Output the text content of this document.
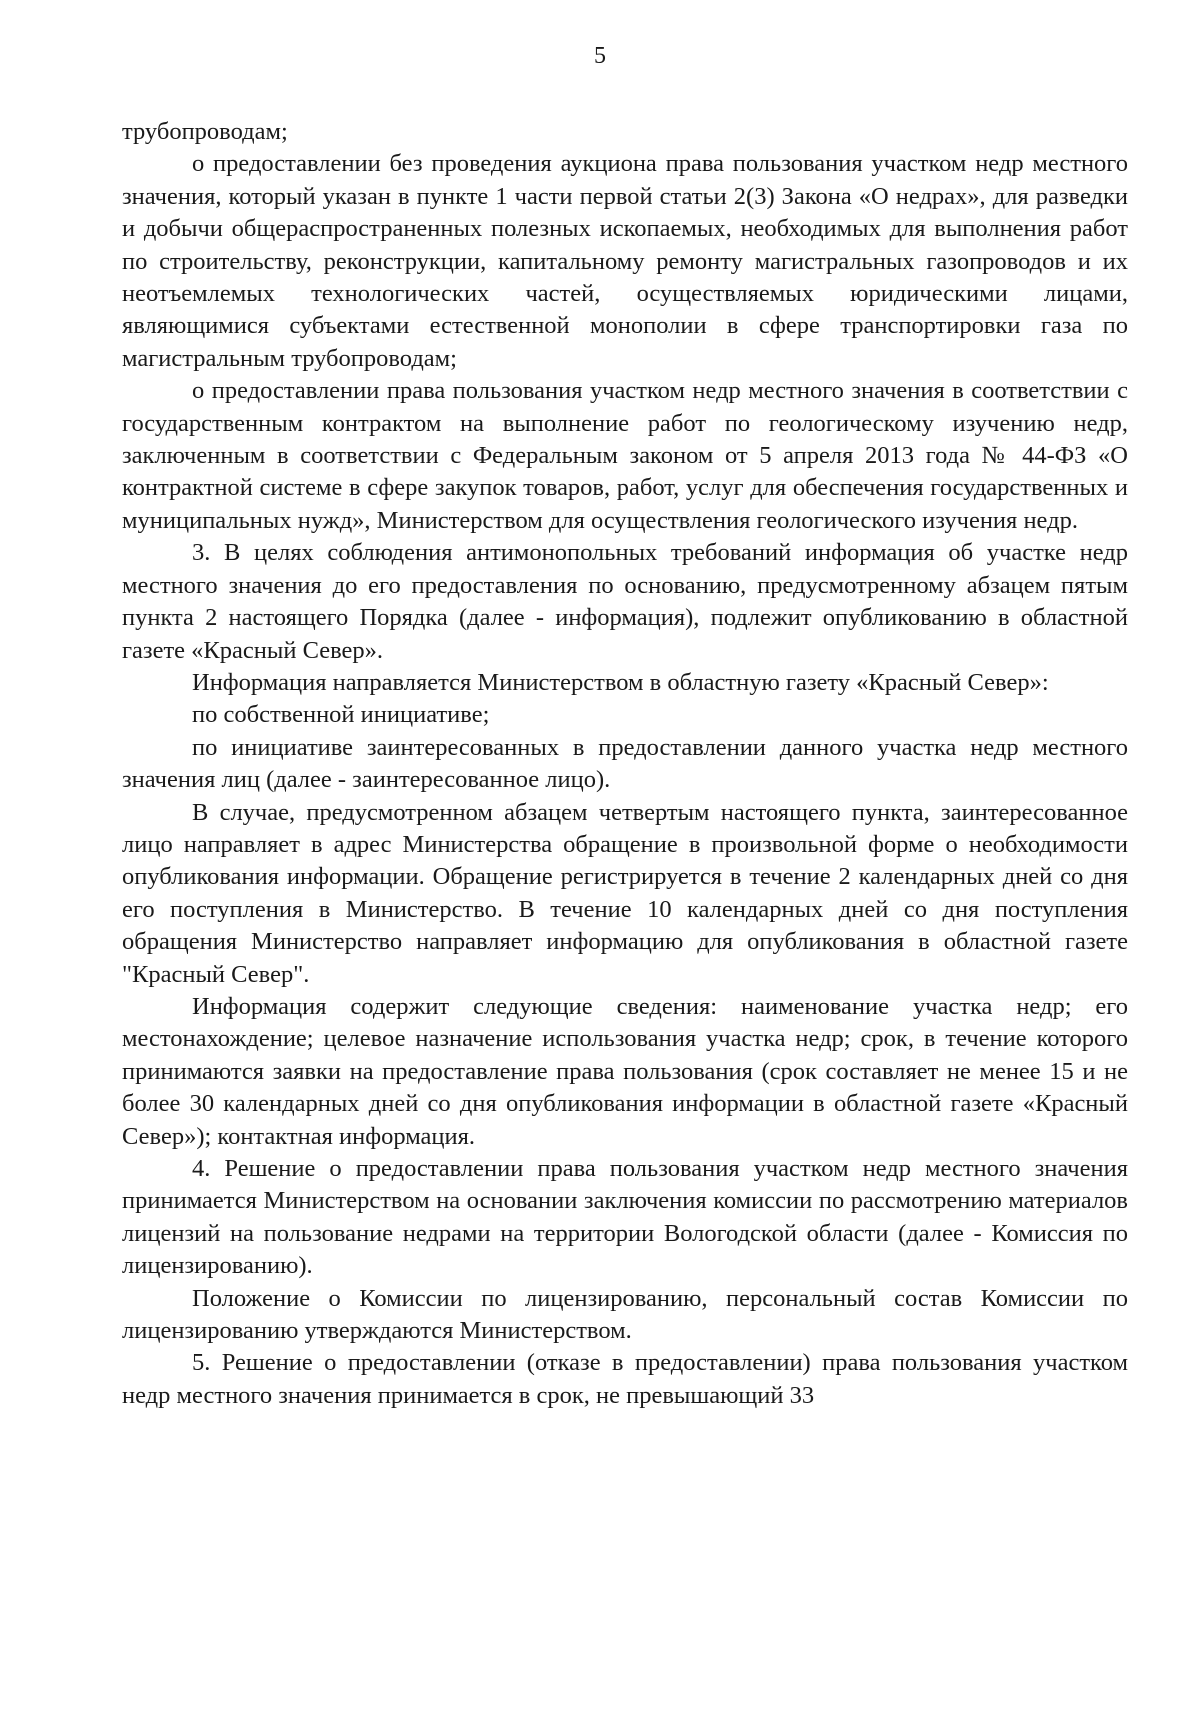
5

трубопроводам;

о предоставлении без проведения аукциона права пользования участком недр местного значения, который указан в пункте 1 части первой статьи 2(3) Закона «О недрах», для разведки и добычи общераспространенных полезных ископаемых, необходимых для выполнения работ по строительству, реконструкции, капитальному ремонту магистральных газопроводов и их неотъемлемых технологических частей, осуществляемых юридическими лицами, являющимися субъектами естественной монополии в сфере транспортировки газа по магистральным трубопроводам;

о предоставлении права пользования участком недр местного значения в соответствии с государственным контрактом на выполнение работ по геологическому изучению недр, заключенным в соответствии с Федеральным законом от 5 апреля 2013 года № 44-ФЗ «О контрактной системе в сфере закупок товаров, работ, услуг для обеспечения государственных и муниципальных нужд», Министерством для осуществления геологического изучения недр.

3. В целях соблюдения антимонопольных требований информация об участке недр местного значения до его предоставления по основанию, предусмотренному абзацем пятым пункта 2 настоящего Порядка (далее - информация), подлежит опубликованию в областной газете «Красный Север».

Информация направляется Министерством в областную газету «Красный Север»:

по собственной инициативе;

по инициативе заинтересованных в предоставлении данного участка недр местного значения лиц (далее - заинтересованное лицо).

В случае, предусмотренном абзацем четвертым настоящего пункта, заинтересованное лицо направляет в адрес Министерства обращение в произвольной форме о необходимости опубликования информации. Обращение регистрируется в течение 2 календарных дней со дня его поступления в Министерство. В течение 10 календарных дней со дня поступления обращения Министерство направляет информацию для опубликования в областной газете "Красный Север".

Информация содержит следующие сведения: наименование участка недр; его местонахождение; целевое назначение использования участка недр; срок, в течение которого принимаются заявки на предоставление права пользования (срок составляет не менее 15 и не более 30 календарных дней со дня опубликования информации в областной газете «Красный Север»); контактная информация.

4. Решение о предоставлении права пользования участком недр местного значения принимается Министерством на основании заключения комиссии по рассмотрению материалов лицензий на пользование недрами на территории Вологодской области (далее - Комиссия по лицензированию).

Положение о Комиссии по лицензированию, персональный состав Комиссии по лицензированию утверждаются Министерством.

5. Решение о предоставлении (отказе в предоставлении) права пользования участком недр местного значения принимается в срок, не превышающий 33
